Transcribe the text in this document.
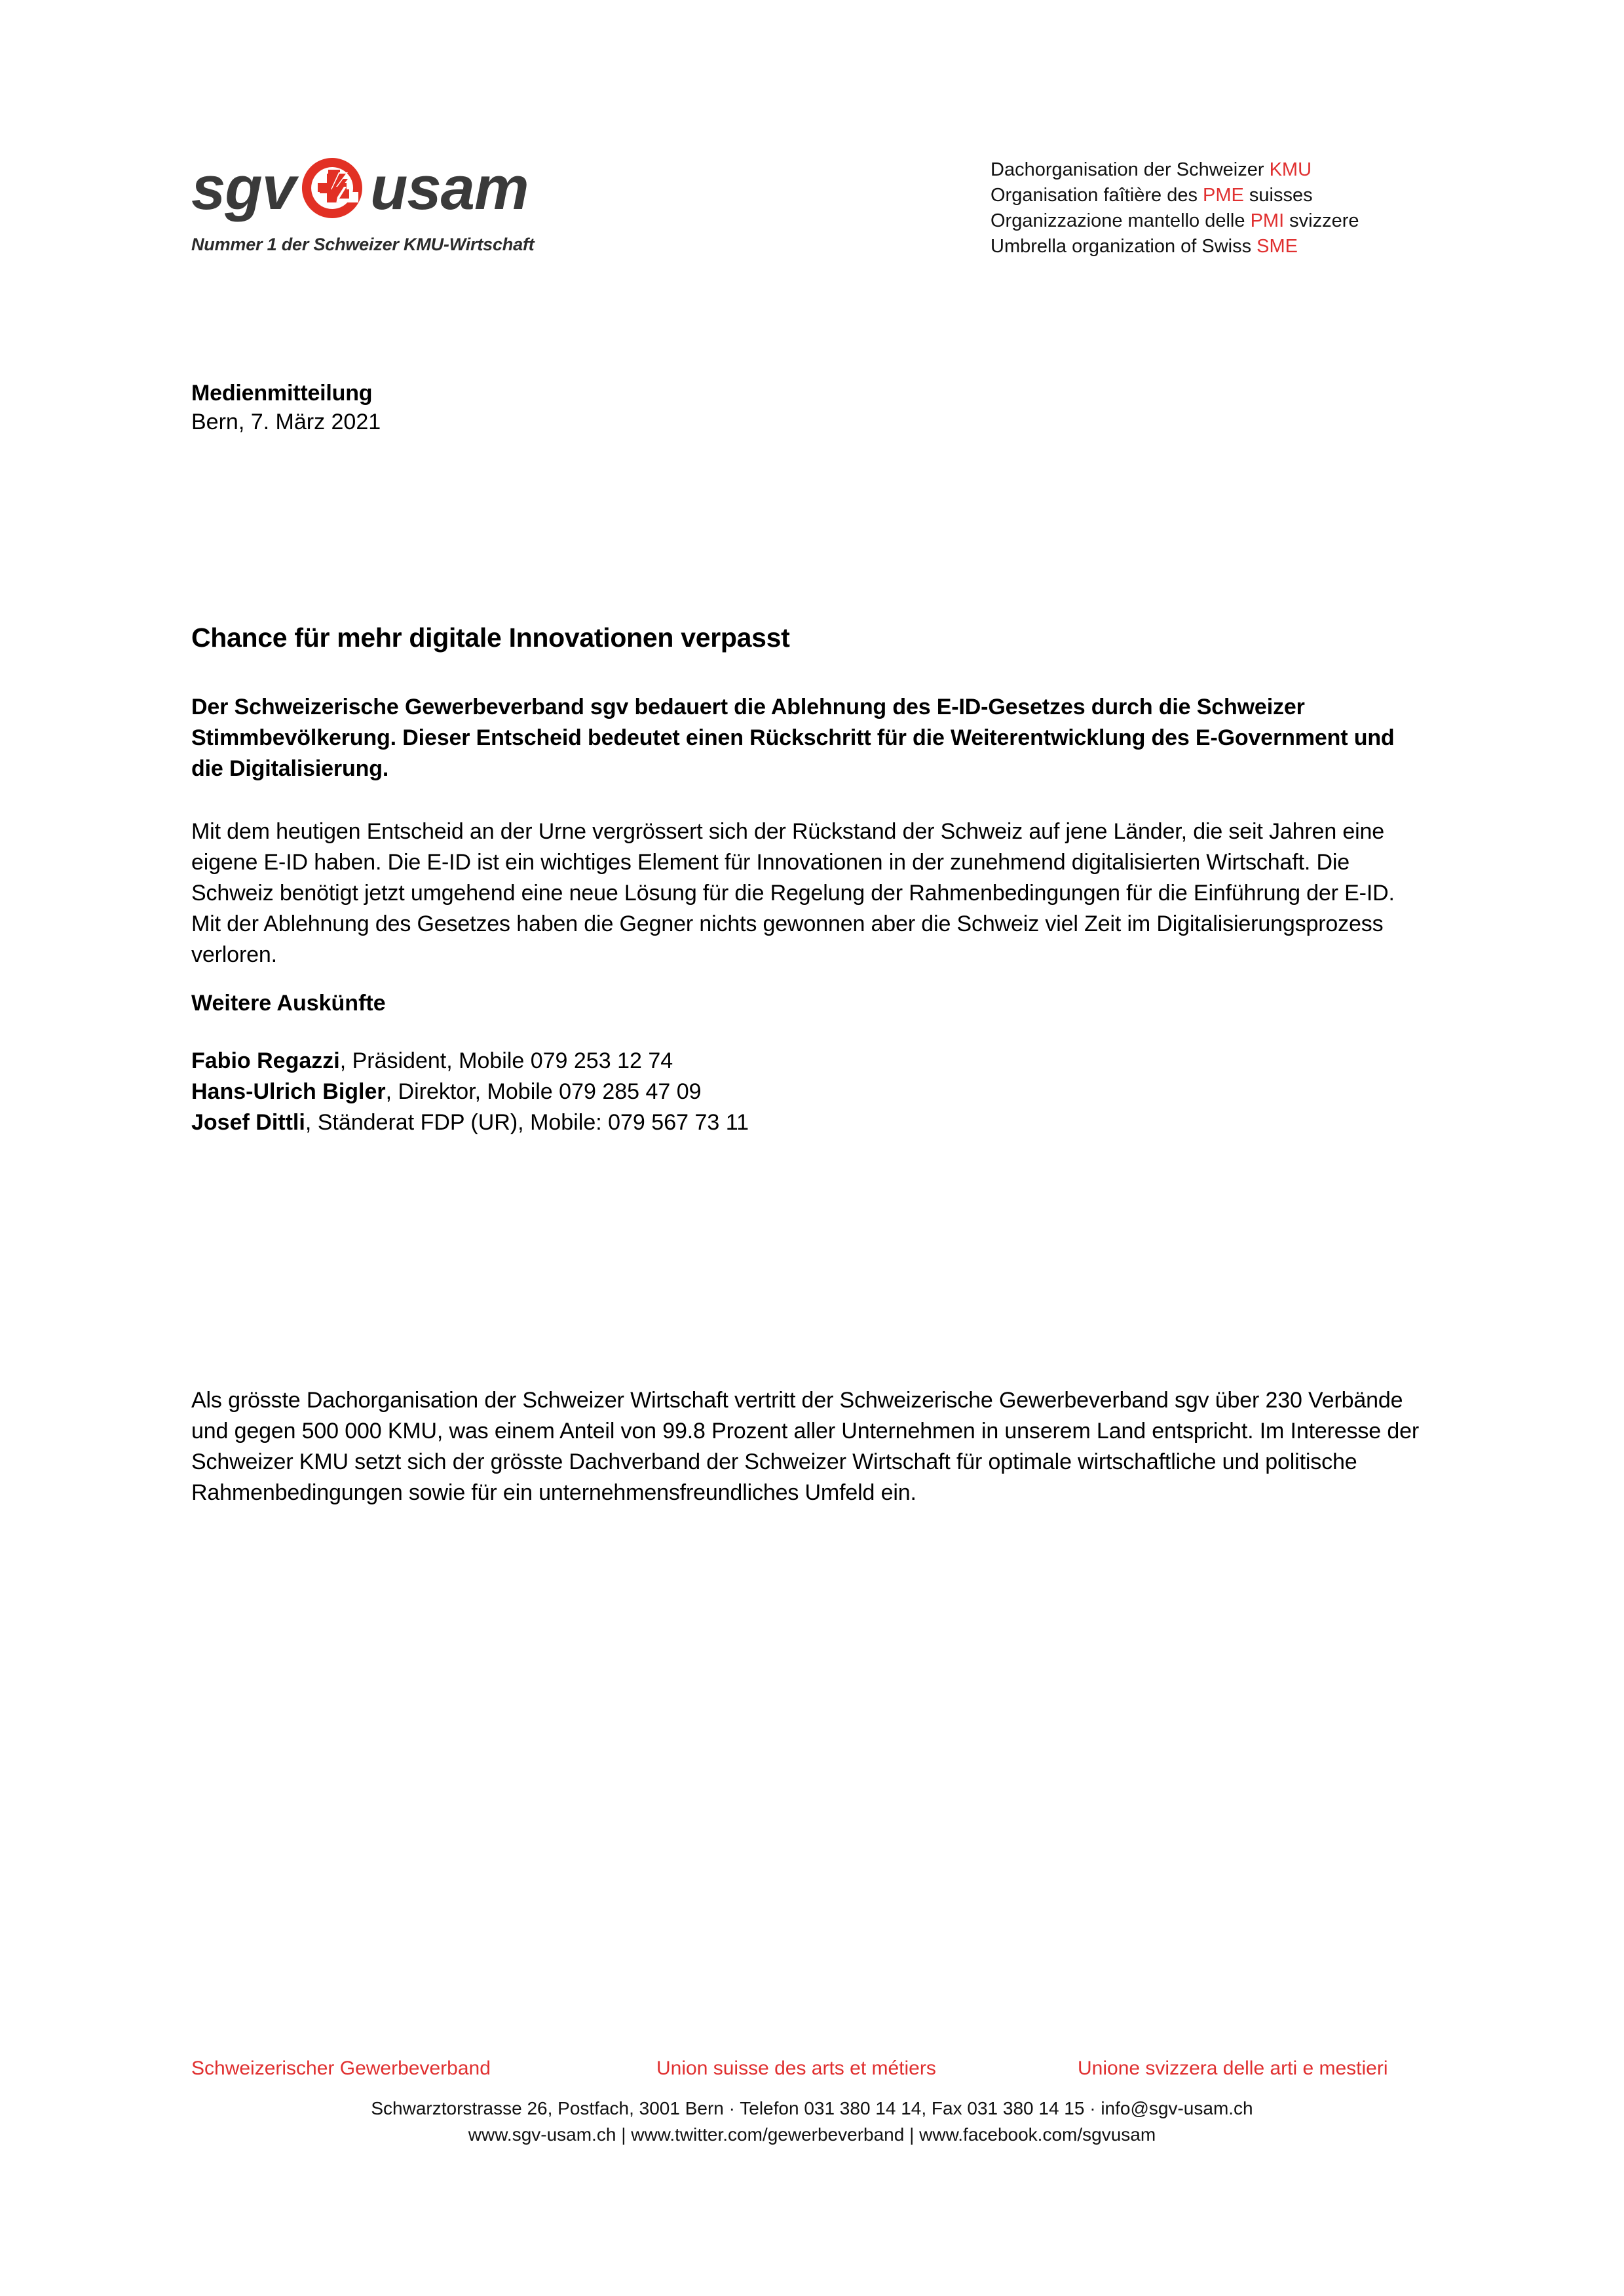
sgv usam
Nummer 1 der Schweizer KMU-Wirtschaft
Dachorganisation der Schweizer KMU
Organisation faîtière des PME suisses
Organizzazione mantello delle PMI svizzere
Umbrella organization of Swiss SME
Medienmitteilung
Bern, 7. März 2021
Chance für mehr digitale Innovationen verpasst

Der Schweizerische Gewerbeverband sgv bedauert die Ablehnung des E-ID-Gesetzes durch die Schweizer Stimmbevölkerung. Dieser Entscheid bedeutet einen Rückschritt für die Weiterentwicklung des E-Government und die Digitalisierung.

Mit dem heutigen Entscheid an der Urne vergrössert sich der Rückstand der Schweiz auf jene Länder, die seit Jahren eine eigene E-ID haben. Die E-ID ist ein wichtiges Element für Innovationen in der zunehmend digitalisierten Wirtschaft. Die Schweiz benötigt jetzt umgehend eine neue Lösung für die Regelung der Rahmenbedingungen für die Einführung der E-ID. Mit der Ablehnung des Gesetzes haben die Gegner nichts gewonnen aber die Schweiz viel Zeit im Digitalisierungsprozess verloren.

Weitere Auskünfte
Fabio Regazzi, Präsident, Mobile 079 253 12 74
Hans-Ulrich Bigler, Direktor, Mobile 079 285 47 09
Josef Dittli, Ständerat FDP (UR), Mobile: 079 567 73 11

Als grösste Dachorganisation der Schweizer Wirtschaft vertritt der Schweizerische Gewerbeverband sgv über 230 Verbände und gegen 500 000 KMU, was einem Anteil von 99.8 Prozent aller Unternehmen in unserem Land entspricht. Im Interesse der Schweizer KMU setzt sich der grösste Dachverband der Schweizer Wirtschaft für optimale wirtschaftliche und politische Rahmenbedingungen sowie für ein unternehmensfreundliches Umfeld ein.

Schweizerischer Gewerbeverband	Union suisse des arts et métiers	Unione svizzera delle arti e mestieri
Schwarztorstrasse 26, Postfach, 3001 Bern · Telefon 031 380 14 14, Fax 031 380 14 15 · info@sgv-usam.ch
www.sgv-usam.ch | www.twitter.com/gewerbeverband | www.facebook.com/sgvusam
